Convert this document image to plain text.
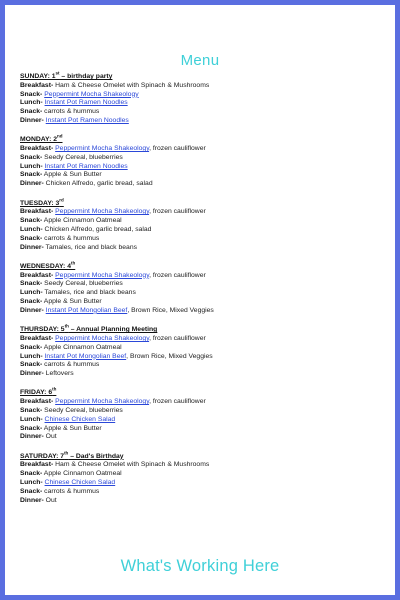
Menu
SUNDAY: 1st – birthday party
Breakfast- Ham & Cheese Omelet with Spinach & Mushrooms
Snack- Peppermint Mocha Shakeology
Lunch- Instant Pot Ramen Noodles
Snack- carrots & hummus
Dinner- Instant Pot Ramen Noodles
MONDAY: 2nd
Breakfast- Peppermint Mocha Shakeology, frozen cauliflower
Snack- Seedy Cereal, blueberries
Lunch- Instant Pot Ramen Noodles
Snack- Apple & Sun Butter
Dinner- Chicken Alfredo, garlic bread, salad
TUESDAY: 3rd
Breakfast- Peppermint Mocha Shakeology, frozen cauliflower
Snack- Apple Cinnamon Oatmeal
Lunch- Chicken Alfredo, garlic bread, salad
Snack- carrots & hummus
Dinner- Tamales, rice and black beans
WEDNESDAY: 4th
Breakfast- Peppermint Mocha Shakeology, frozen cauliflower
Snack- Seedy Cereal, blueberries
Lunch- Tamales, rice and black beans
Snack- Apple & Sun Butter
Dinner- Instant Pot Mongolian Beef, Brown Rice, Mixed Veggies
THURSDAY: 5th – Annual Planning Meeting
Breakfast- Peppermint Mocha Shakeology, frozen cauliflower
Snack- Apple Cinnamon Oatmeal
Lunch- Instant Pot Mongolian Beef, Brown Rice, Mixed Veggies
Snack- carrots & hummus
Dinner- Leftovers
FRIDAY: 6th
Breakfast- Peppermint Mocha Shakeology, frozen cauliflower
Snack- Seedy Cereal, blueberries
Lunch- Chinese Chicken Salad
Snack- Apple & Sun Butter
Dinner- Out
SATURDAY: 7th – Dad's Birthday
Breakfast- Ham & Cheese Omelet with Spinach & Mushrooms
Snack- Apple Cinnamon Oatmeal
Lunch- Chinese Chicken Salad
Snack- carrots & hummus
Dinner- Out
What's Working Here
